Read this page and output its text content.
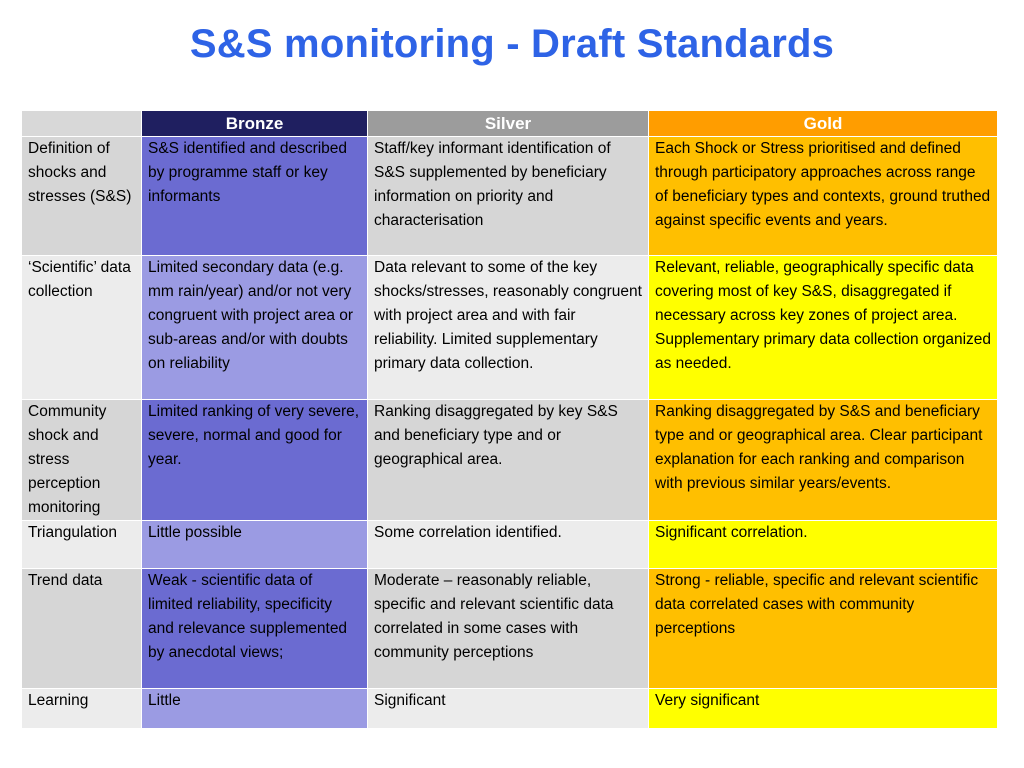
S&S monitoring - Draft Standards
	Bronze	Silver	Gold
Definition of shocks and stresses (S&S)	S&S identified and described by programme staff or key informants	Staff/key informant identification of S&S supplemented by beneficiary information on priority and characterisation	Each Shock or Stress prioritised and defined through participatory approaches across range of beneficiary types and contexts, ground truthed against specific events and years.
‘Scientific’ data collection	Limited secondary data (e.g. mm rain/year) and/or not very congruent with project area or sub-areas and/or with doubts on reliability	Data relevant to some of the key shocks/stresses, reasonably congruent with project area and with fair reliability. Limited supplementary primary data collection.	Relevant, reliable, geographically specific data covering most of key S&S, disaggregated if necessary across key zones of project area. Supplementary primary data collection organized as needed.
Community shock and stress perception monitoring	Limited ranking of very severe, severe, normal and good for year.	Ranking disaggregated by key S&S and beneficiary type and or geographical area.	Ranking disaggregated by S&S and beneficiary type and or geographical area. Clear participant explanation for each ranking and comparison with previous similar years/events.
Triangulation	Little possible	Some correlation identified.	Significant correlation.
Trend data	Weak - scientific data of limited reliability, specificity and relevance supplemented by anecdotal views;	Moderate – reasonably reliable, specific and relevant scientific data correlated in some cases with community perceptions	Strong - reliable, specific and relevant scientific data correlated cases with community perceptions
Learning	Little	Significant	Very significant
